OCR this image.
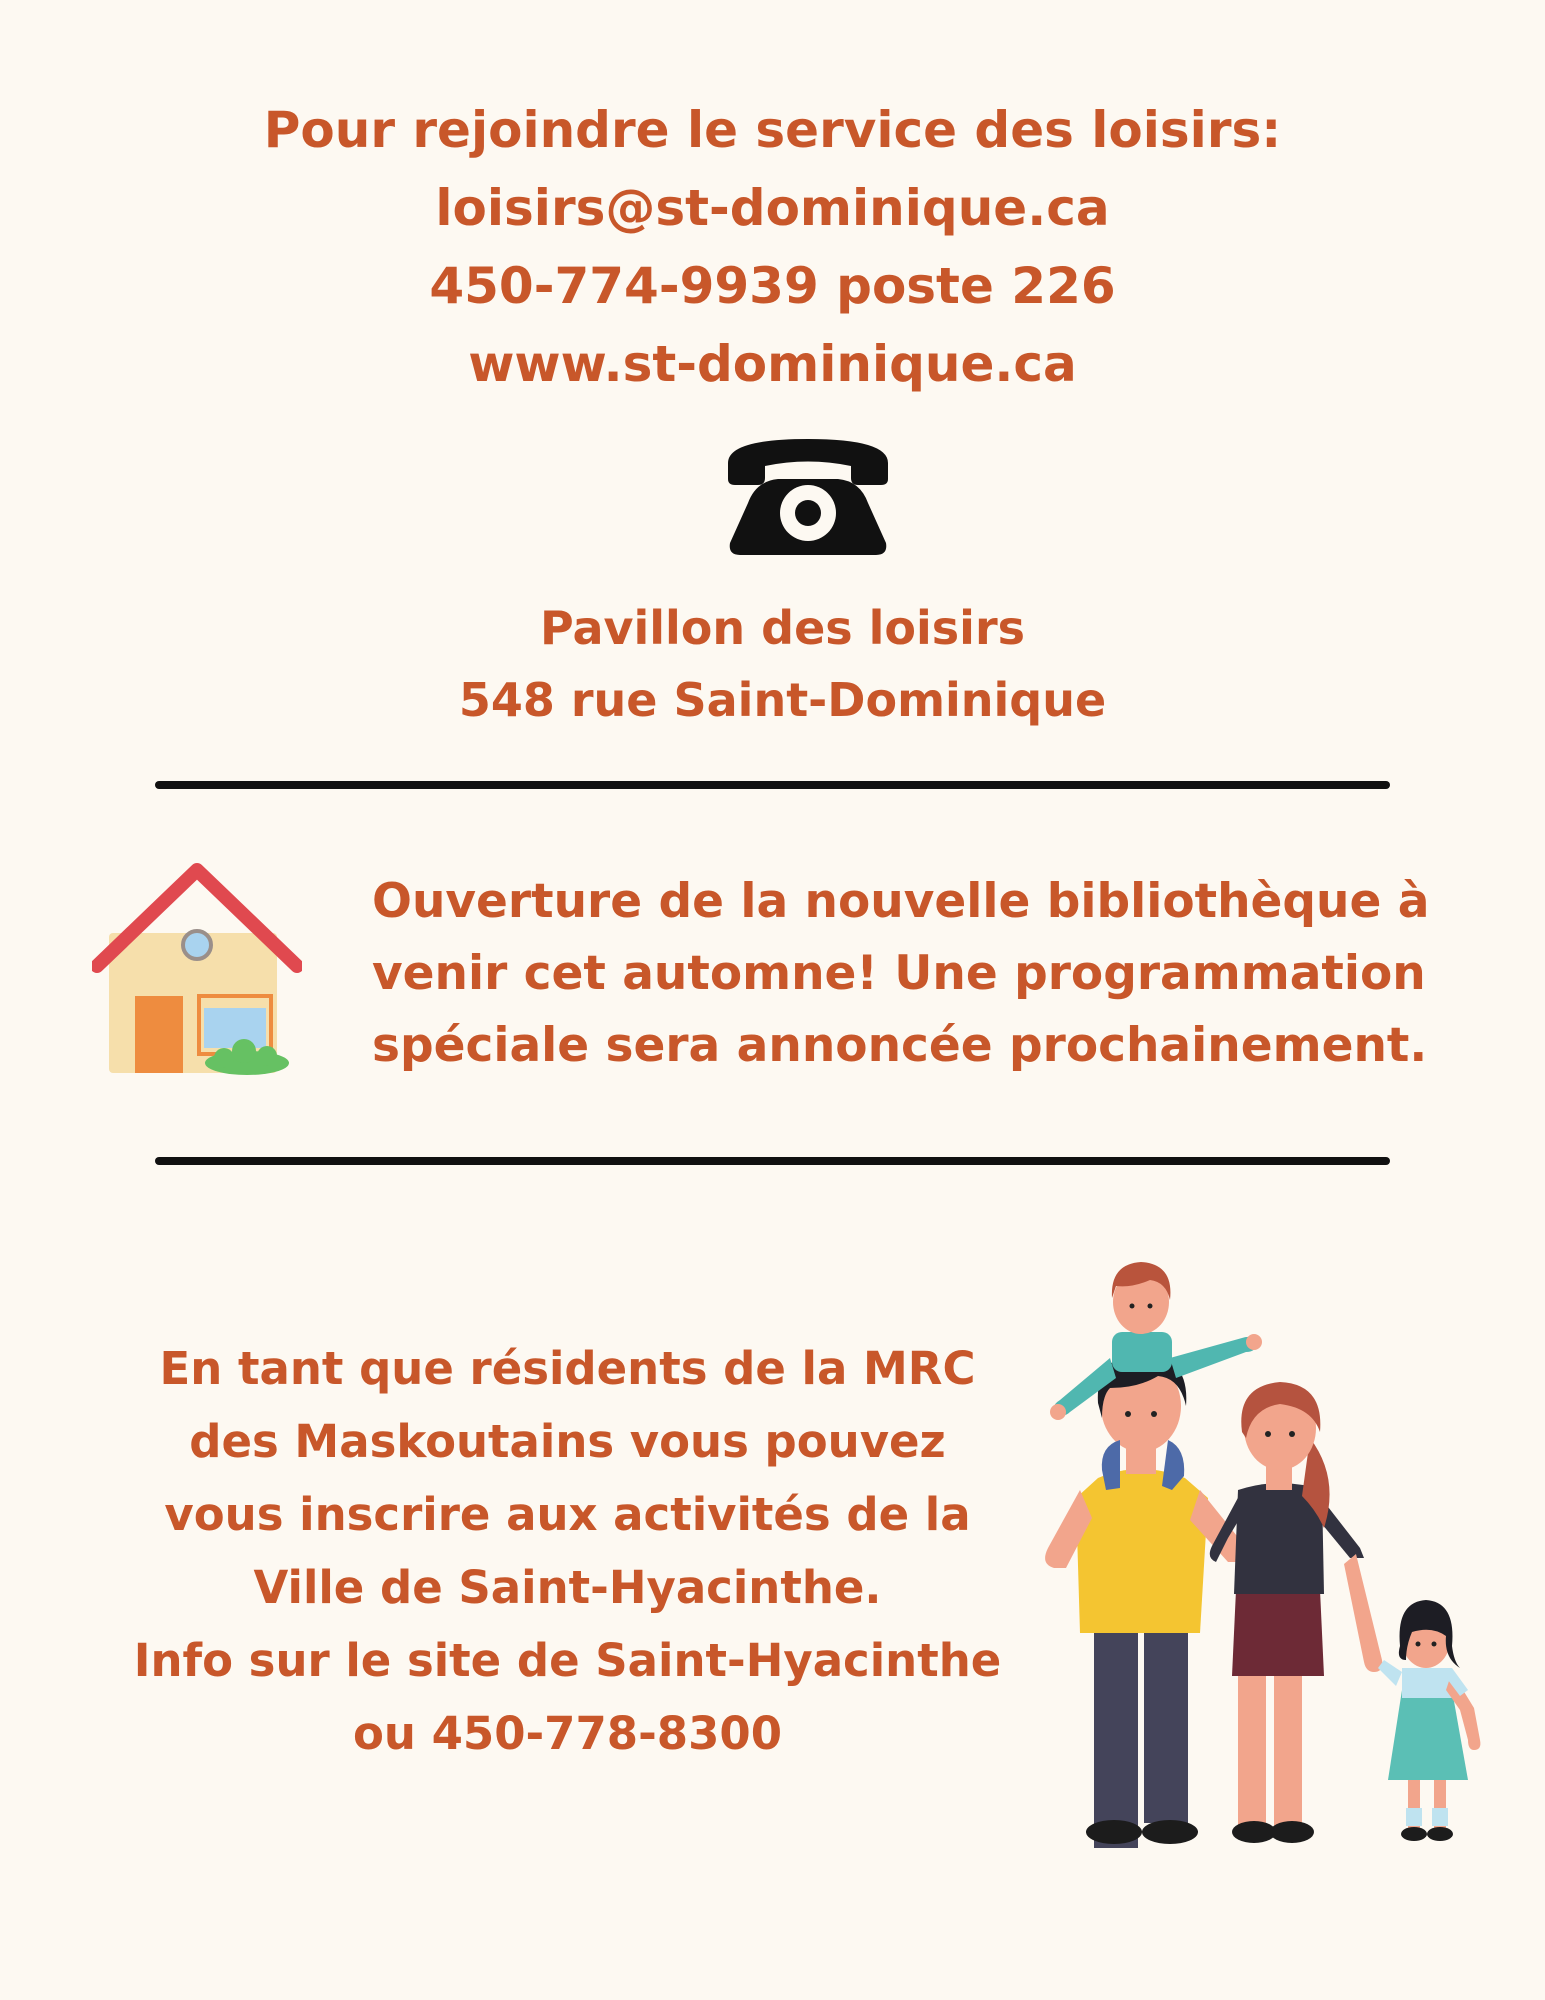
Pour rejoindre le service des loisirs:
loisirs@st-dominique.ca
450-774-9939 poste 226
www.st-dominique.ca
Pavillon des loisirs
548 rue Saint-Dominique
Ouverture de la nouvelle bibliothèque à
venir cet automne! Une programmation
spéciale sera annoncée prochainement.
En tant que résidents de la MRC
des Maskoutains vous pouvez
vous inscrire aux activités de la
Ville de Saint-Hyacinthe.
Info sur le site de Saint-Hyacinthe
ou 450-778-8300
